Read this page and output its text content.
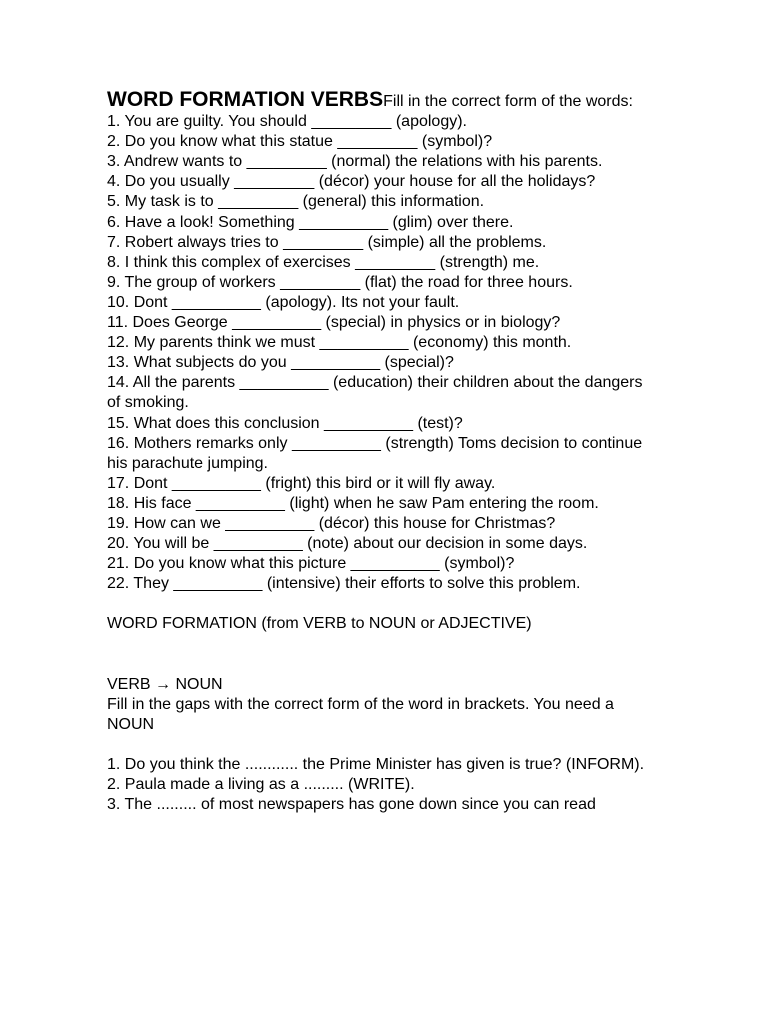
WORD FORMATION VERBSFill in the correct form of the words:

1. You are guilty. You should _________ (apology).

2. Do you know what this statue _________ (symbol)?

3. Andrew wants to _________ (normal) the relations with his parents.

4. Do you usually _________ (décor) your house for all the holidays?

5. My task is to _________ (general) this information.

6. Have a look! Something __________ (glim) over there.

7. Robert always tries to _________ (simple) all the problems.

8. I think this complex of exercises _________ (strength) me.

9. The group of workers _________ (flat) the road for three hours.

10. Dont __________ (apology). Its not your fault.

11. Does George __________ (special) in physics or in biology?

12. My parents think we must __________ (economy) this month.

13. What subjects do you __________ (special)?

14. All the parents __________ (education) their children about the dangers of smoking.

15. What does this conclusion __________ (test)?

16. Mothers remarks only __________ (strength) Toms decision to continue

his parachute jumping.

17. Dont __________ (fright) this bird or it will fly away.

18. His face __________ (light) when he saw Pam entering the room.

19. How can we __________ (décor) this house for Christmas?

20. You will be __________ (note) about our decision in some days.

21. Do you know what this picture __________ (symbol)?

22. They __________ (intensive) their efforts to solve this problem.

WORD FORMATION (from VERB to NOUN or ADJECTIVE)

VERB → NOUN

Fill in the gaps with the correct form of the word in brackets. You need a NOUN

1. Do you think the ............ the Prime Minister has given is true? (INFORM).

2. Paula made a living as a ......... (WRITE).

3. The ......... of most newspapers has gone down since you can read
